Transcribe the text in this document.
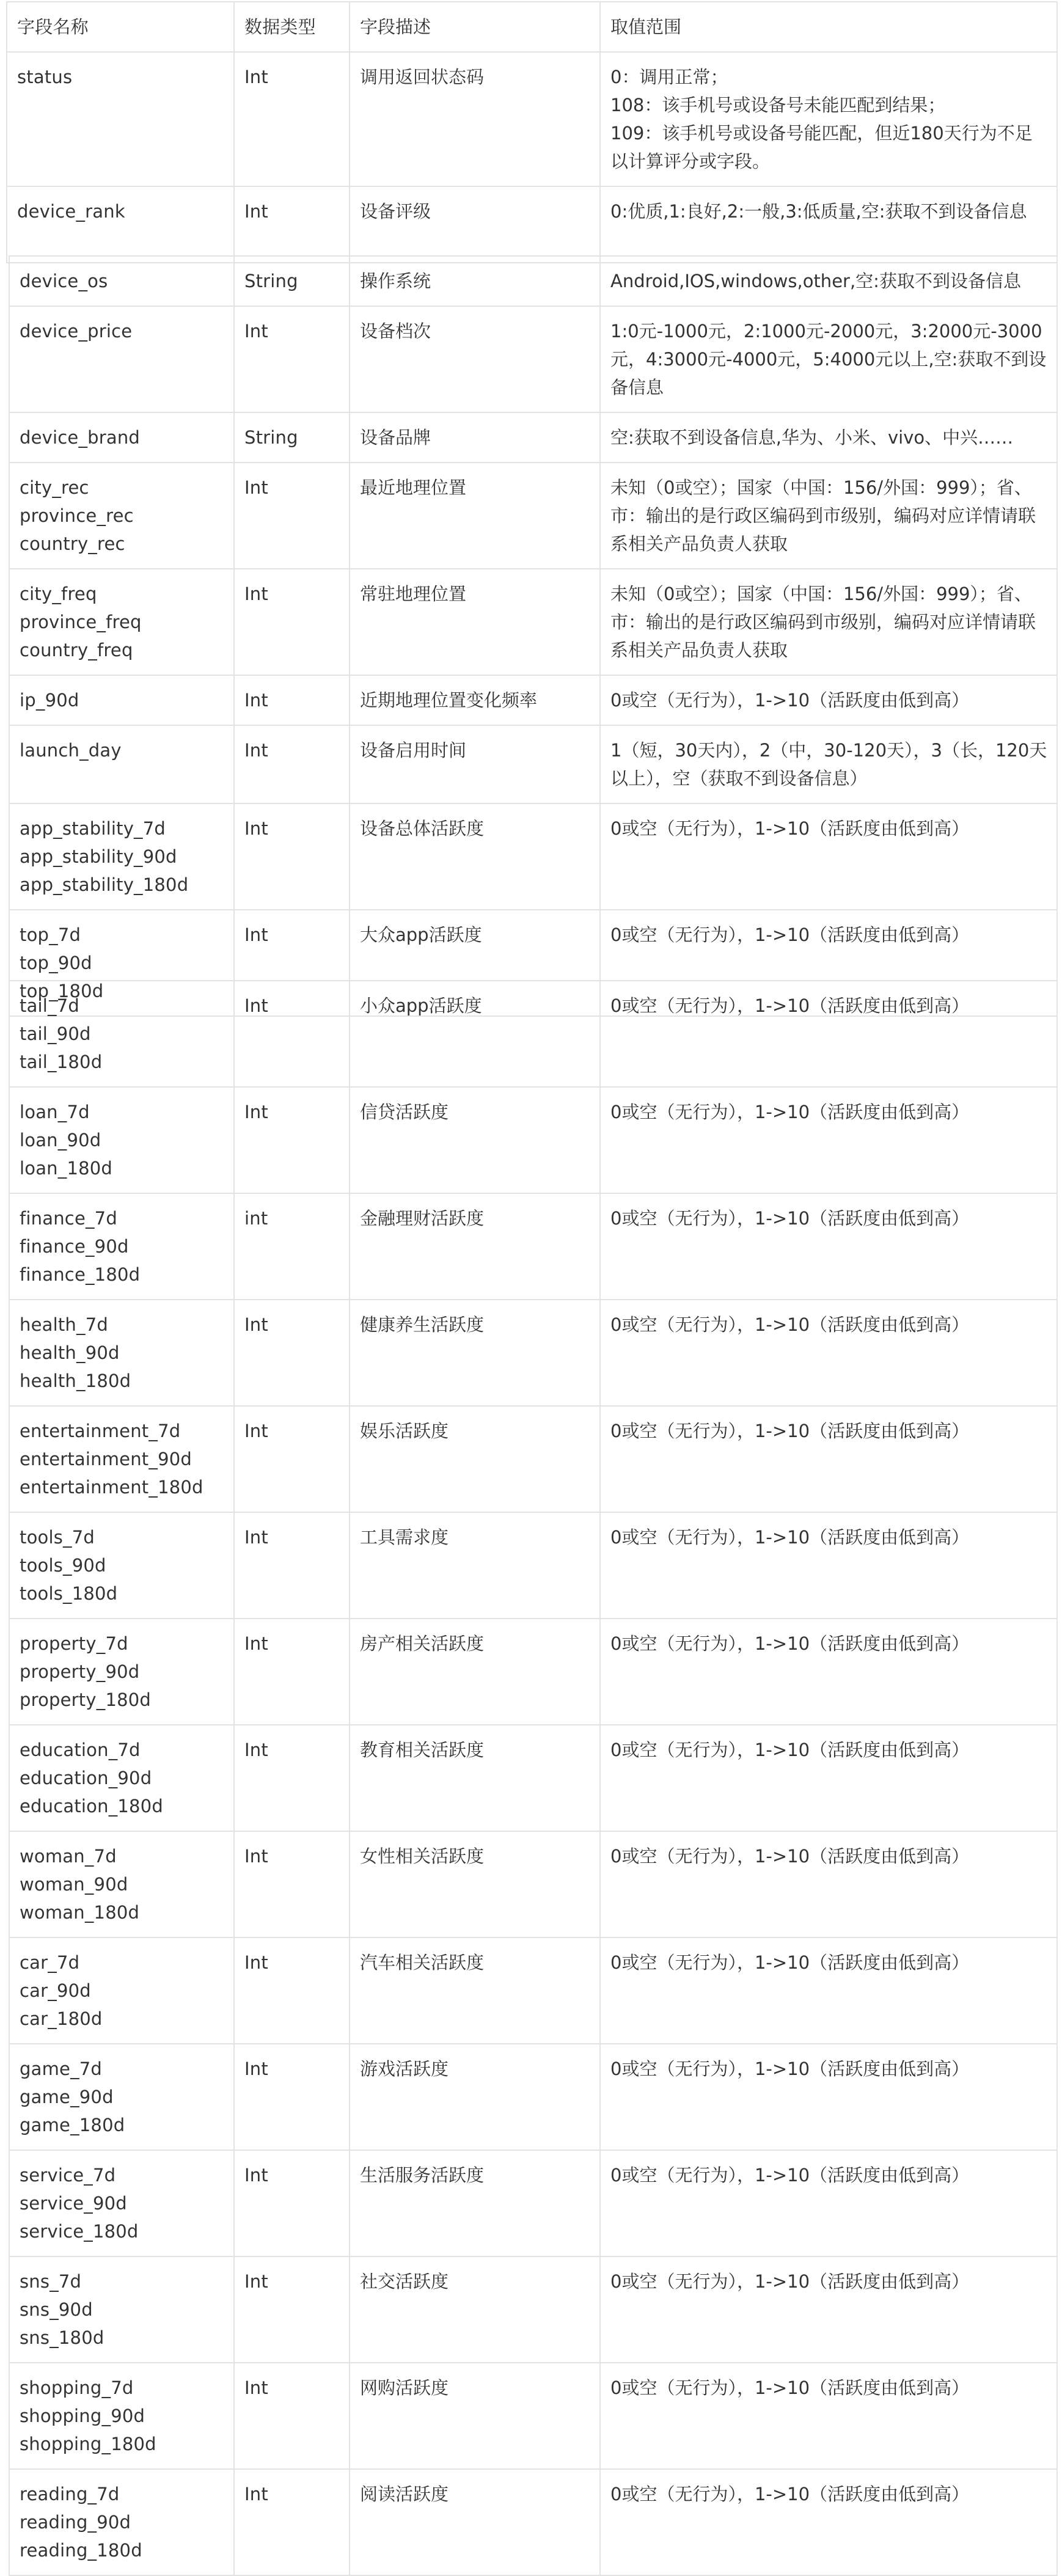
字段名称	数据类型	字段描述	取值范围
status	Int	调用返回状态码	0：调用正常；
108：该手机号或设备号未能匹配到结果；
109：该手机号或设备号能匹配，但近180天行为不足以计算评分或字段。
device_rank	Int	设备评级	0:优质,1:良好,2:一般,3:低质量,空:获取不到设备信息
device_os	String	操作系统	Android,IOS,windows,other,空:获取不到设备信息
device_price	Int	设备档次	1:0元-1000元，2:1000元-2000元，3:2000元-3000元，4:3000元-4000元，5:4000元以上,空:获取不到设备信息
device_brand	String	设备品牌	空:获取不到设备信息,华为、小米、vivo、中兴……
city_rec
province_rec
country_rec	Int	最近地理位置	未知（0或空）；国家（中国：156/外国：999）；省、市：输出的是行政区编码到市级别，编码对应详情请联系相关产品负责人获取
city_freq
province_freq
country_freq	Int	常驻地理位置	未知（0或空）；国家（中国：156/外国：999）；省、市：输出的是行政区编码到市级别，编码对应详情请联系相关产品负责人获取
ip_90d	Int	近期地理位置变化频率	0或空（无行为），1->10（活跃度由低到高）
launch_day	Int	设备启用时间	1（短，30天内），2（中，30-120天），3（长，120天以上），空（获取不到设备信息）
app_stability_7d
app_stability_90d
app_stability_180d	Int	设备总体活跃度	0或空（无行为），1->10（活跃度由低到高）
top_7d
top_90d
top_180d	Int	大众app活跃度	0或空（无行为），1->10（活跃度由低到高）
tail_7d
tail_90d
tail_180d	Int	小众app活跃度	0或空（无行为），1->10（活跃度由低到高）
loan_7d
loan_90d
loan_180d	Int	信贷活跃度	0或空（无行为），1->10（活跃度由低到高）
finance_7d
finance_90d
finance_180d	int	金融理财活跃度	0或空（无行为），1->10（活跃度由低到高）
health_7d
health_90d
health_180d	Int	健康养生活跃度	0或空（无行为），1->10（活跃度由低到高）
entertainment_7d
entertainment_90d
entertainment_180d	Int	娱乐活跃度	0或空（无行为），1->10（活跃度由低到高）
tools_7d
tools_90d
tools_180d	Int	工具需求度	0或空（无行为），1->10（活跃度由低到高）
property_7d
property_90d
property_180d	Int	房产相关活跃度	0或空（无行为），1->10（活跃度由低到高）
education_7d
education_90d
education_180d	Int	教育相关活跃度	0或空（无行为），1->10（活跃度由低到高）
woman_7d
woman_90d
woman_180d	Int	女性相关活跃度	0或空（无行为），1->10（活跃度由低到高）
car_7d
car_90d
car_180d	Int	汽车相关活跃度	0或空（无行为），1->10（活跃度由低到高）
game_7d
game_90d
game_180d	Int	游戏活跃度	0或空（无行为），1->10（活跃度由低到高）
service_7d
service_90d
service_180d	Int	生活服务活跃度	0或空（无行为），1->10（活跃度由低到高）
sns_7d
sns_90d
sns_180d	Int	社交活跃度	0或空（无行为），1->10（活跃度由低到高）
shopping_7d
shopping_90d
shopping_180d	Int	网购活跃度	0或空（无行为），1->10（活跃度由低到高）
reading_7d
reading_90d
reading_180d	Int	阅读活跃度	0或空（无行为），1->10（活跃度由低到高）
